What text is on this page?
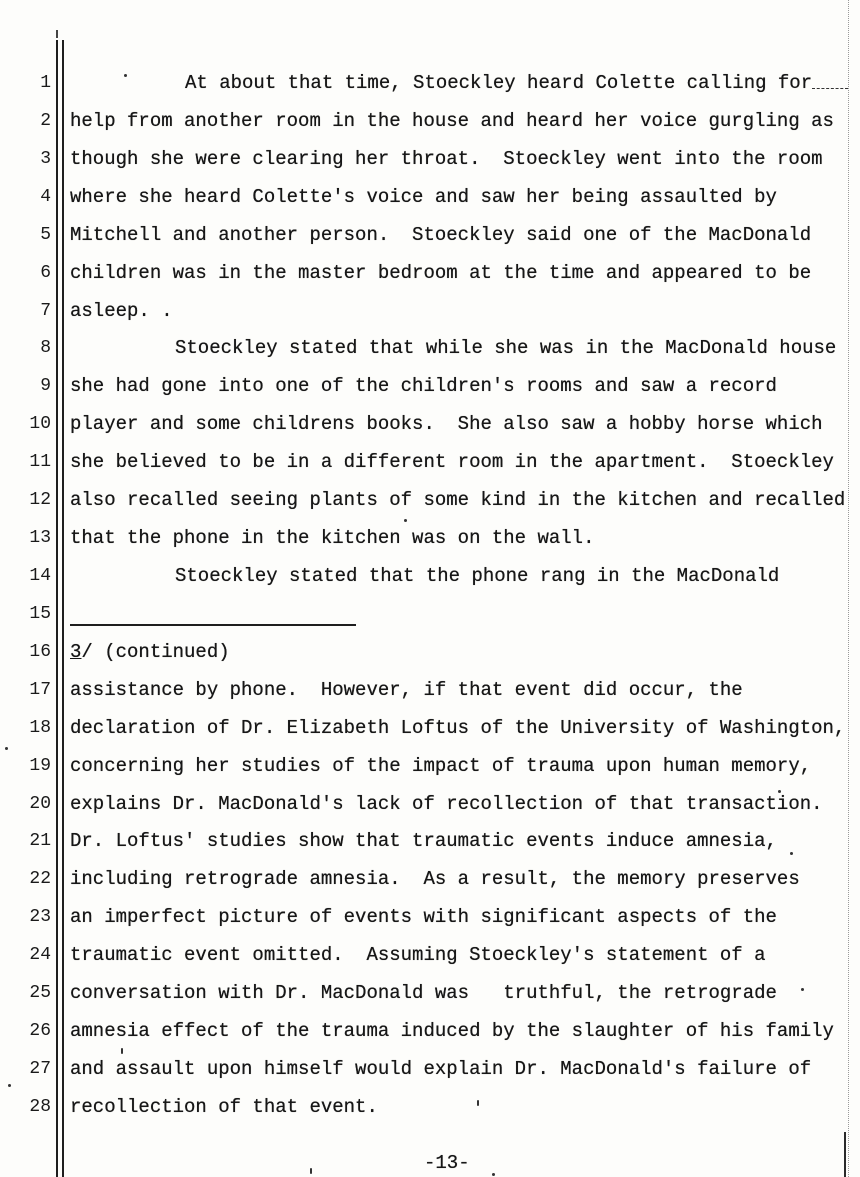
1	At about that time, Stoeckley heard Colette calling for
2 help from another room in the house and heard her voice gurgling as
3 though she were clearing her throat.  Stoeckley went into the room
4 where she heard Colette's voice and saw her being assaulted by
5 Mitchell and another person.  Stoeckley said one of the MacDonald
6 children was in the master bedroom at the time and appeared to be
7 asleep. .
8	Stoeckley stated that while she was in the MacDonald house
9 she had gone into one of the children's rooms and saw a record
10 player and some childrens books.  She also saw a hobby horse which
11 she believed to be in a different room in the apartment.  Stoeckley
12 also recalled seeing plants of some kind in the kitchen and recalled
13 that the phone in the kitchen was on the wall.
14	Stoeckley stated that the phone rang in the MacDonald
15
16 3/ (continued)
17 assistance by phone.  However, if that event did occur, the
18 declaration of Dr. Elizabeth Loftus of the University of Washington,
19 concerning her studies of the impact of trauma upon human memory,
20 explains Dr. MacDonald's lack of recollection of that transaction.
21 Dr. Loftus' studies show that traumatic events induce amnesia,
22 including retrograde amnesia.  As a result, the memory preserves
23 an imperfect picture of events with significant aspects of the
24 traumatic event omitted.  Assuming Stoeckley's statement of a
25 conversation with Dr. MacDonald was   truthful, the retrograde
26 amnesia effect of the trauma induced by the slaughter of his family
27 and assault upon himself would explain Dr. MacDonald's failure of
28 recollection of that event.
-13-
